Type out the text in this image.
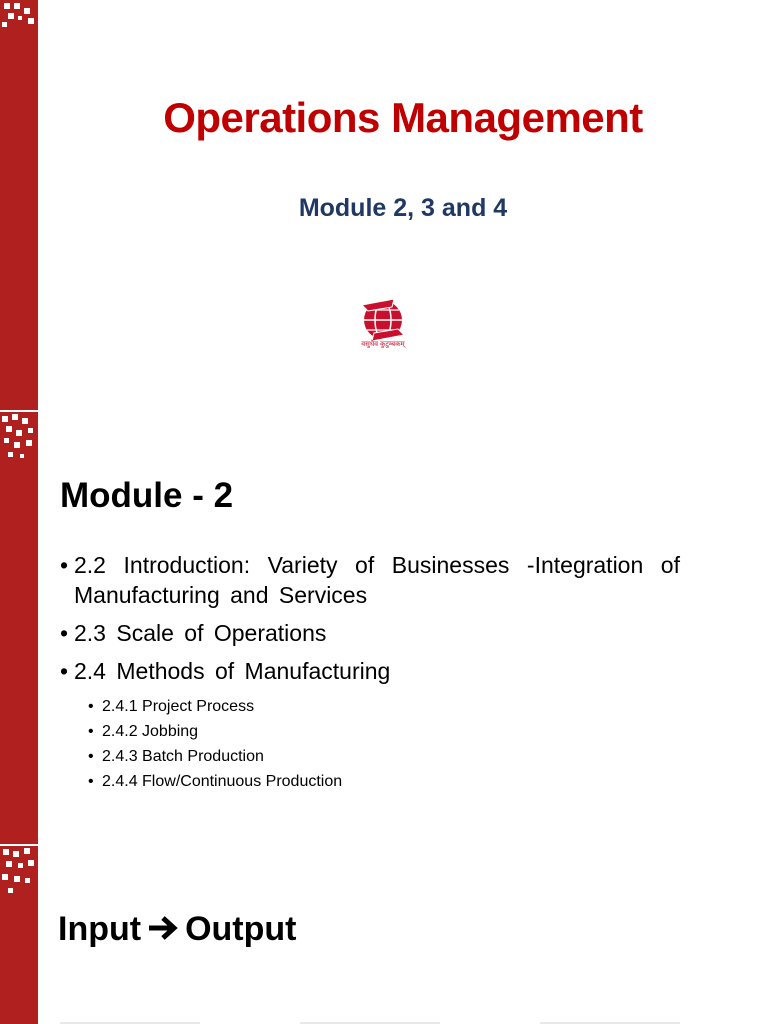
Operations Management
Module 2, 3 and 4
वसुधैव कुटुम्बकम्
Module - 2
• 2.2 Introduction: Variety of Businesses -Integration of Manufacturing and Services
• 2.3 Scale of Operations
• 2.4 Methods of Manufacturing
• 2.4.1 Project Process
• 2.4.2 Jobbing
• 2.4.3 Batch Production
• 2.4.4 Flow/Continuous Production
Input Output
